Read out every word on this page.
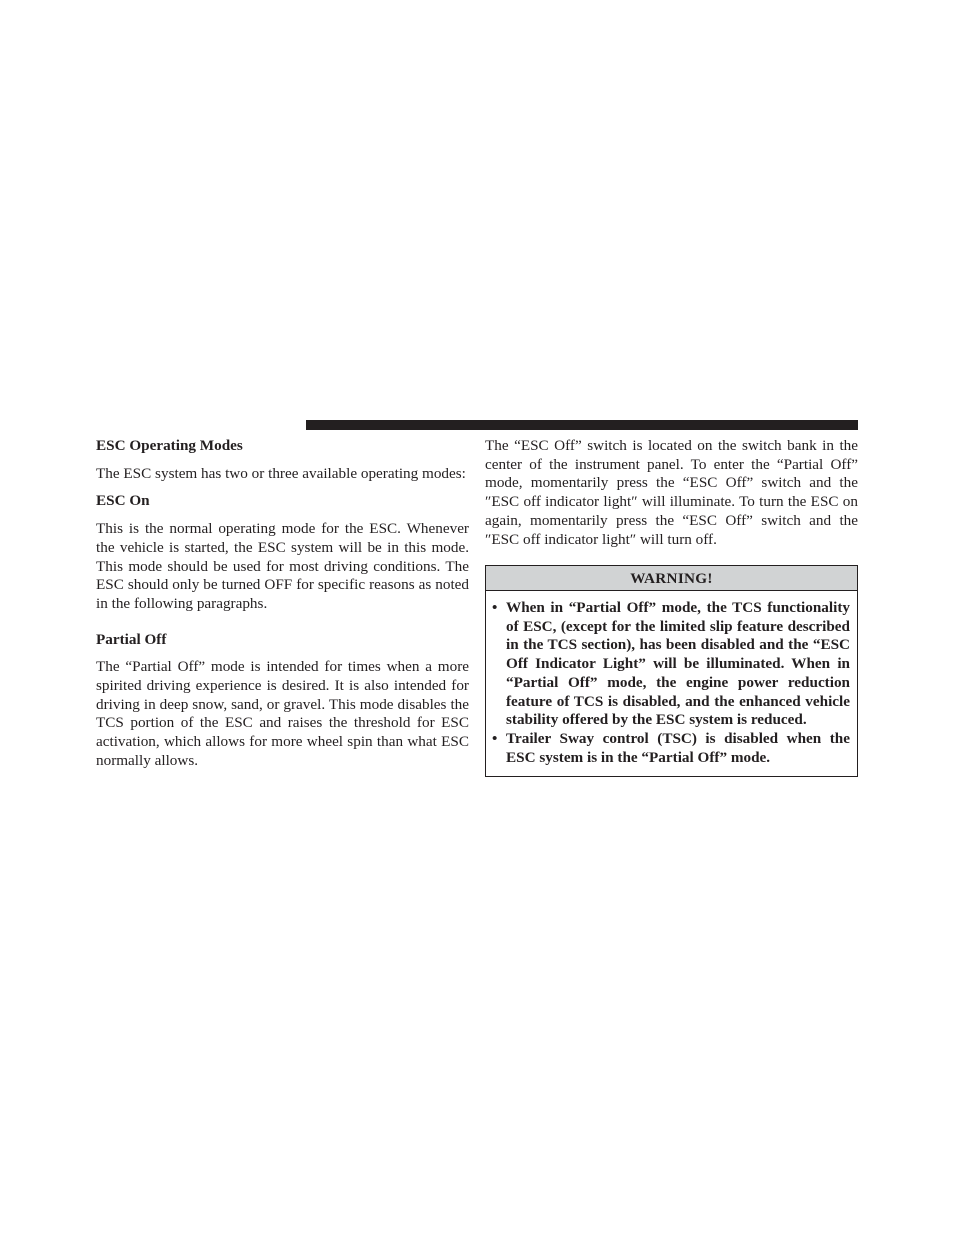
ESC Operating Modes

The ESC system has two or three available operating modes:

ESC On

This is the normal operating mode for the ESC. Whenever the vehicle is started, the ESC system will be in this mode. This mode should be used for most driving conditions. The ESC should only be turned OFF for specific reasons as noted in the following paragraphs.

Partial Off

The “Partial Off” mode is intended for times when a more spirited driving experience is desired. It is also intended for driving in deep snow, sand, or gravel. This mode disables the TCS portion of the ESC and raises the threshold for ESC activation, which allows for more wheel spin than what ESC normally allows.

The “ESC Off” switch is located on the switch bank in the center of the instrument panel. To enter the “Partial Off” mode, momentarily press the “ESC Off” switch and the ″ESC off indicator light″ will illuminate. To turn the ESC on again, momentarily press the “ESC Off” switch and the ″ESC off indicator light″ will turn off.

WARNING!
• When in “Partial Off” mode, the TCS functionality of ESC, (except for the limited slip feature described in the TCS section), has been disabled and the “ESC Off Indicator Light” will be illuminated. When in “Partial Off” mode, the engine power reduction feature of TCS is disabled, and the enhanced vehicle stability offered by the ESC system is reduced.
• Trailer Sway control (TSC) is disabled when the ESC system is in the “Partial Off” mode.
